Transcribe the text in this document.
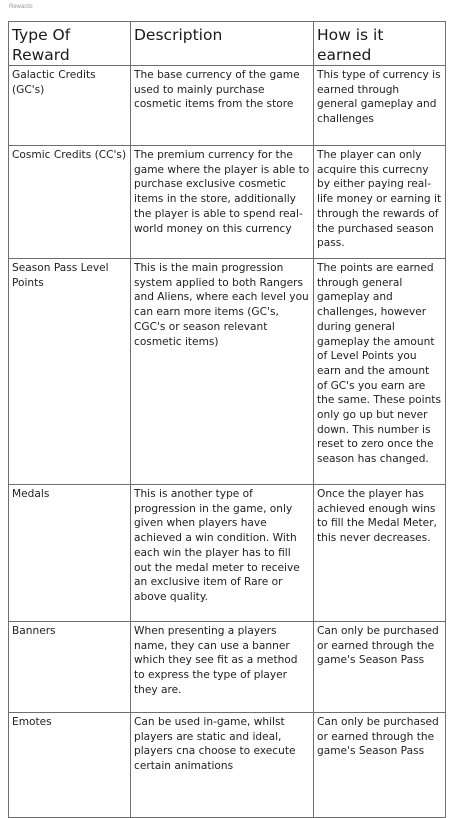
Rewards
Type Of Reward	Description	How is it earned
Galactic Credits (GC's)	The base currency of the game used to mainly purchase cosmetic items from the store	This type of currency is earned through general gameplay and challenges
Cosmic Credits (CC's)	The premium currency for the game where the player is able to purchase exclusive cosmetic items in the store, additionally the player is able to spend real-world money on this currency	The player can only acquire this currecny by either paying real-life money or earning it through the rewards of the purchased season pass.
Season Pass Level Points	This is the main progression system applied to both Rangers and Aliens, where each level you can earn more items (GC's, CGC's or season relevant cosmetic items)	The points are earned through general gameplay and challenges, however during general gameplay the amount of Level Points you earn and the amount of GC's you earn are the same. These points only go up but never down. This number is reset to zero once the season has changed.
Medals	This is another type of progression in the game, only given when players have achieved a win condition. With each win the player has to fill out the medal meter to receive an exclusive item of Rare or above quality.	Once the player has achieved enough wins to fill the Medal Meter, this never decreases.
Banners	When presenting a players name, they can use a banner which they see fit as a method to express the type of player they are.	Can only be purchased or earned through the game's Season Pass
Emotes	Can be used in-game, whilst players are static and ideal, players cna choose to execute certain animations	Can only be purchased or earned through the game's Season Pass
